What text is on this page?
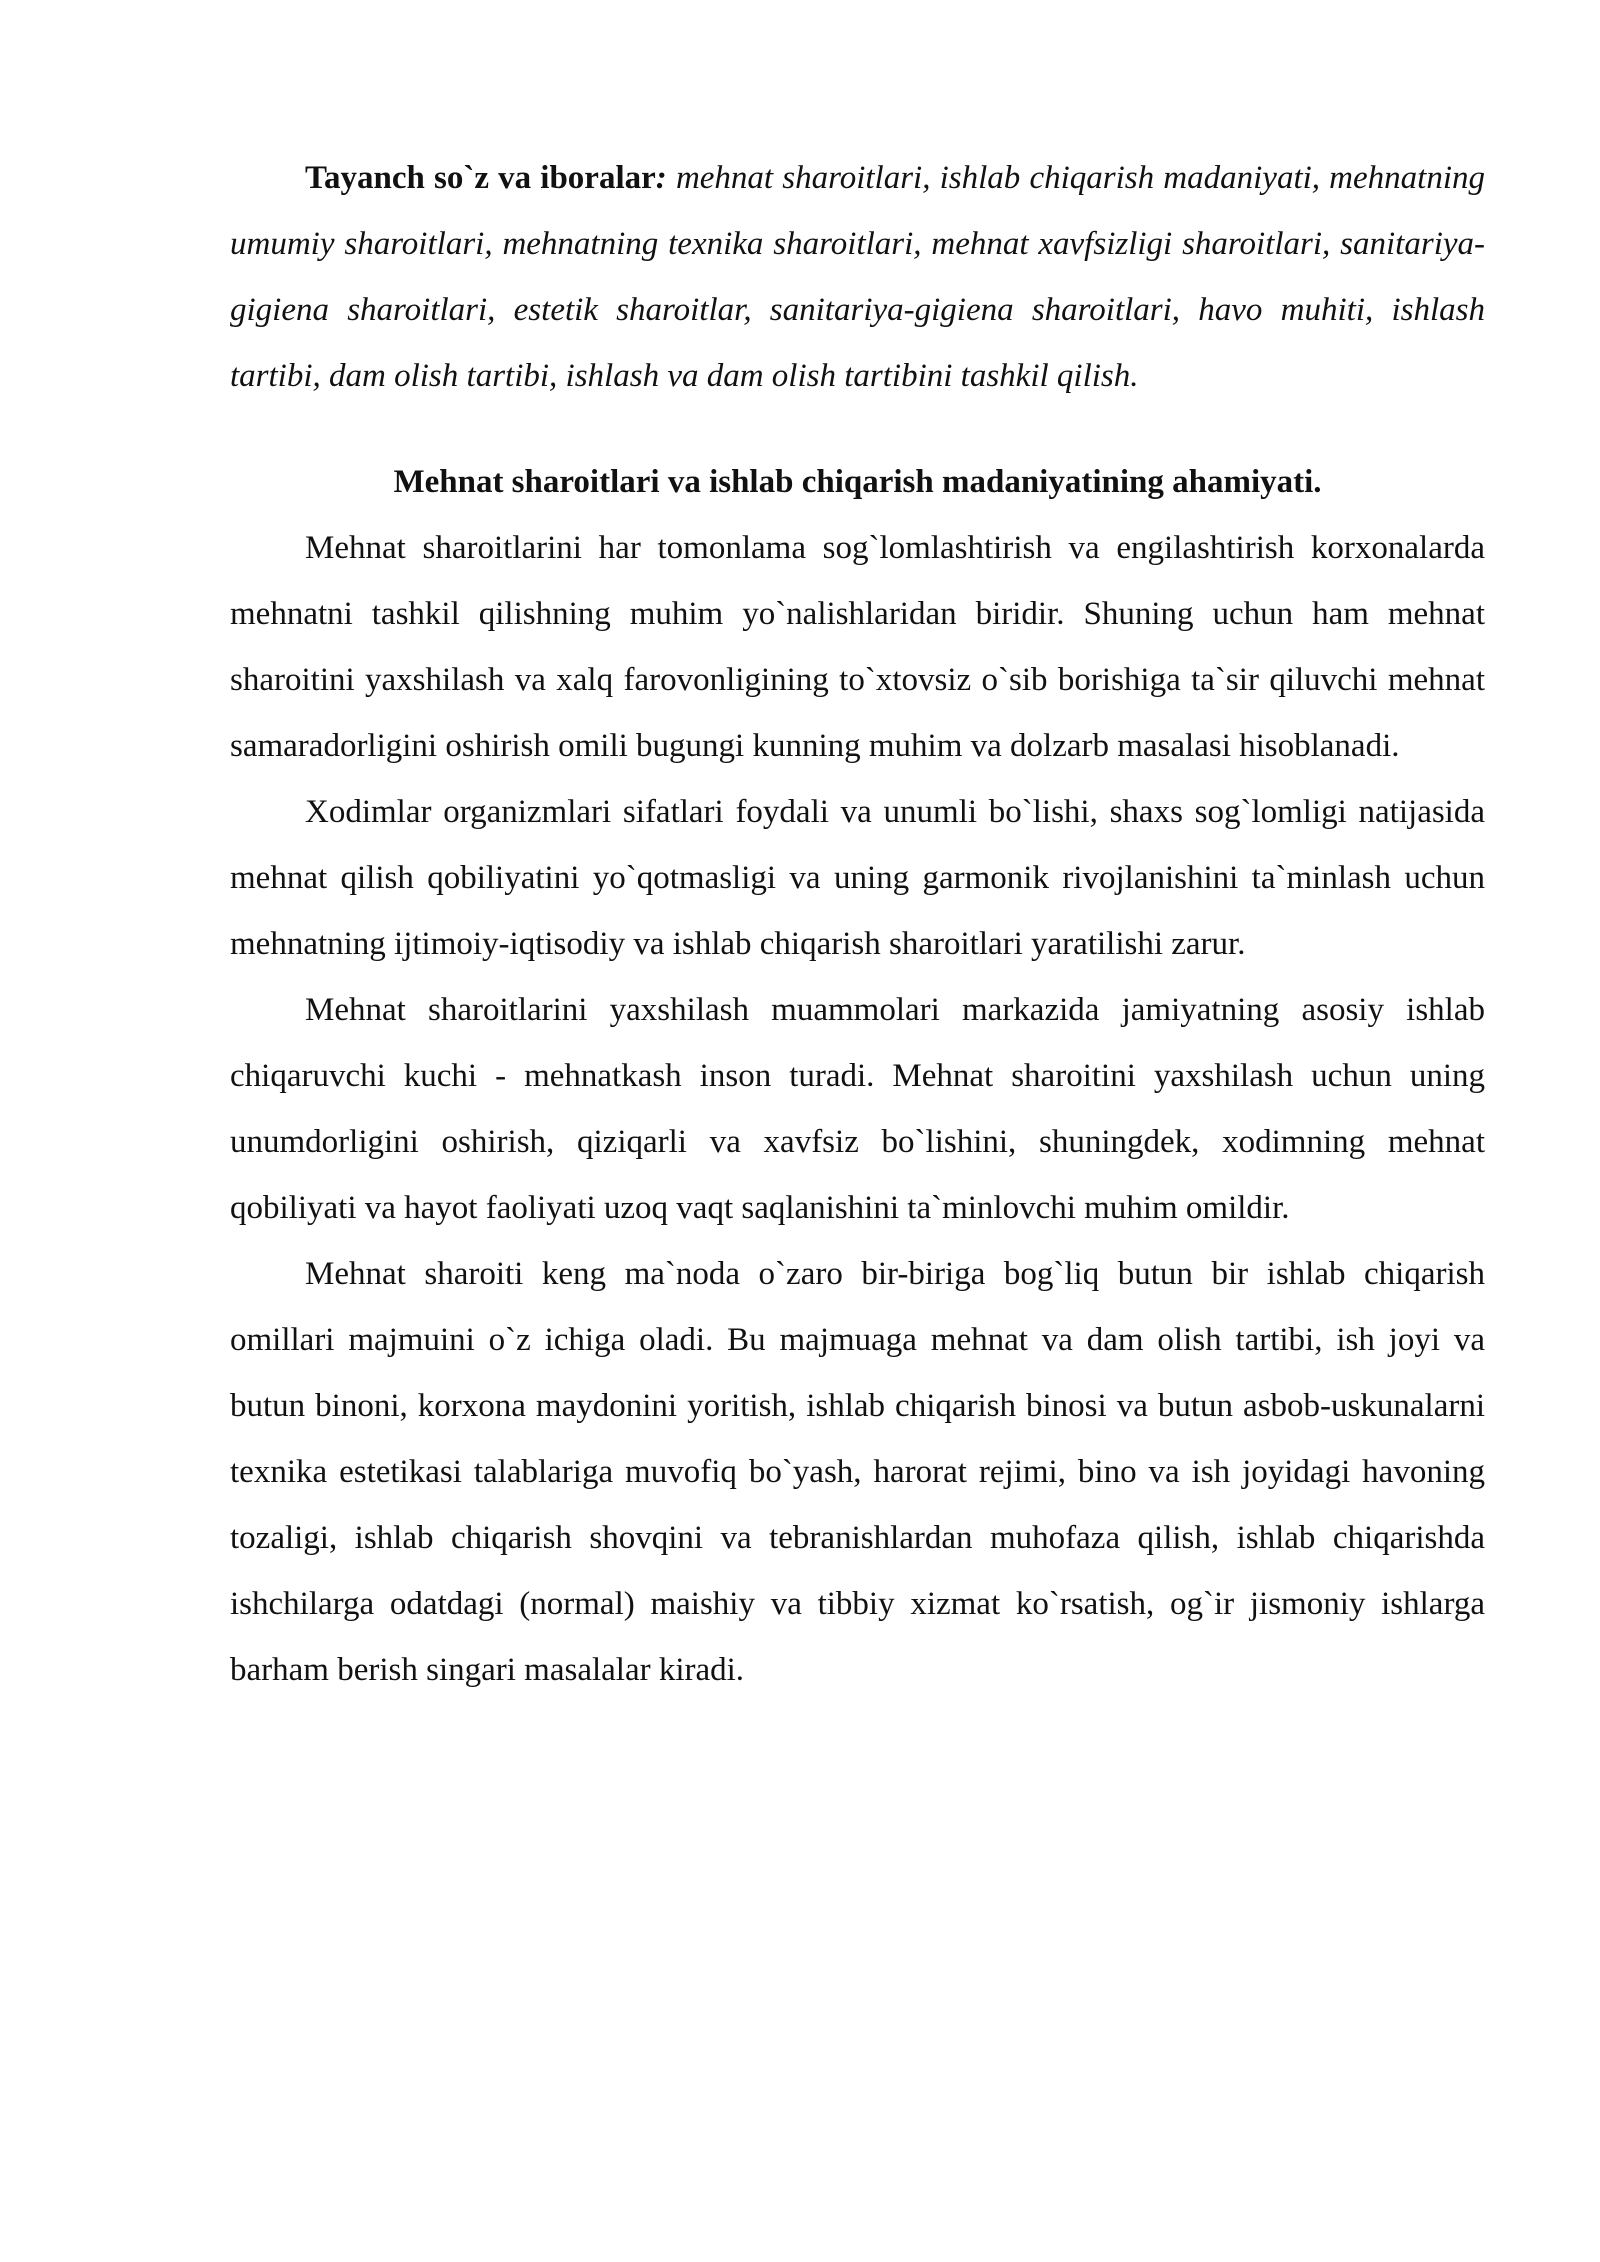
Tayanch so`z va iboralar: mehnat sharoitlari, ishlab chiqarish madaniyati, mehnatning umumiy sharoitlari, mehnatning texnika sharoitlari, mehnat xavfsizligi sharoitlari, sanitariya- gigiena sharoitlari, estetik sharoitlar, sanitariya-gigiena sharoitlari, havo muhiti, ishlash tartibi, dam olish tartibi, ishlash va dam olish tartibini tashkil qilish.

Mehnat sharoitlari va ishlab chiqarish madaniyatining ahamiyati.

Mehnat sharoitlarini har tomonlama sog`lomlashtirish va engilashtirish korxonalarda mehnatni tashkil qilishning muhim yo`nalishlaridan biridir. Shuning uchun ham mehnat sharoitini yaxshilash va xalq farovonligining to`xtovsiz o`sib borishiga ta`sir qiluvchi mehnat samaradorligini oshirish omili bugungi kunning muhim va dolzarb masalasi hisoblanadi.

Xodimlar organizmlari sifatlari foydali va unumli bo`lishi, shaxs sog`lomligi natijasida mehnat qilish qobiliyatini yo`qotmasligi va uning garmonik rivojlanishini ta`minlash uchun mehnatning ijtimoiy-iqtisodiy va ishlab chiqarish sharoitlari yaratilishi zarur.

Mehnat sharoitlarini yaxshilash muammolari markazida jamiyatning asosiy ishlab chiqaruvchi kuchi - mehnatkash inson turadi. Mehnat sharoitini yaxshilash uchun uning unumdorligini oshirish, qiziqarli va xavfsiz bo`lishini, shuningdek, xodimning mehnat qobiliyati va hayot faoliyati uzoq vaqt saqlanishini ta`minlovchi muhim omildir.

Mehnat sharoiti keng ma`noda o`zaro bir-biriga bog`liq butun bir ishlab chiqarish omillari majmuini o`z ichiga oladi. Bu majmuaga mehnat va dam olish tartibi, ish joyi va butun binoni, korxona maydonini yoritish, ishlab chiqarish binosi va butun asbob-uskunalarni texnika estetikasi talablariga muvofiq bo`yash, harorat rejimi, bino va ish joyidagi havoning tozaligi, ishlab chiqarish shovqini va tebranishlardan muhofaza qilish, ishlab chiqarishda ishchilarga odatdagi (normal) maishiy va tibbiy xizmat ko`rsatish, og`ir jismoniy ishlarga barham berish singari masalalar kiradi.
